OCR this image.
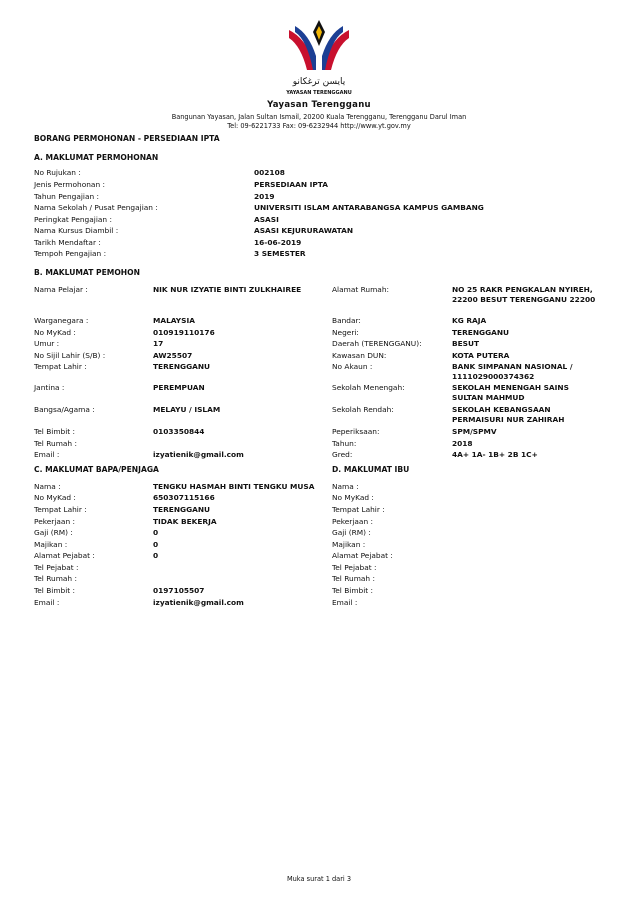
يايسن ترغكانو
YAYASAN TERENGGANU
Yayasan Terengganu
Bangunan Yayasan, Jalan Sultan Ismail, 20200 Kuala Terengganu, Terengganu Darul Iman
Tel: 09-6221733 Fax: 09-6232944 http://www.yt.gov.my
BORANG PERMOHONAN - PERSEDIAAN IPTA
A. MAKLUMAT PERMOHONAN
No Rujukan :	002108
Jenis Permohonan :	PERSEDIAAN IPTA
Tahun Pengajian :	2019
Nama Sekolah / Pusat Pengajian :	UNIVERSITI ISLAM ANTARABANGSA KAMPUS GAMBANG
Peringkat Pengajian :	ASASI
Nama Kursus Diambil :	ASASI KEJURURAWATAN
Tarikh Mendaftar :	16-06-2019
Tempoh Pengajian :	3 SEMESTER
B. MAKLUMAT PEMOHON
Nama Pelajar :	NIK NUR IZYATIE BINTI ZULKHAIREE	Alamat Rumah:	NO 25 RAKR PENGKALAN NYIREH, 22200 BESUT TERENGGANU 22200
Warganegara :	MALAYSIA	Bandar:	KG RAJA
No MyKad :	010919110176	Negeri:	TERENGGANU
Umur :	17	Daerah (TERENGGANU):	BESUT
No Sijil Lahir (S/B) :	AW25507	Kawasan DUN:	KOTA PUTERA
Tempat Lahir :	TERENGGANU	No Akaun :	BANK SIMPANAN NASIONAL / 1111029000374362
Jantina :	PEREMPUAN	Sekolah Menengah:	SEKOLAH MENENGAH SAINS SULTAN MAHMUD
Bangsa/Agama :	MELAYU / ISLAM	Sekolah Rendah:	SEKOLAH KEBANGSAAN PERMAISURI NUR ZAHIRAH
Tel Bimbit :	0103350844	Peperiksaan:	SPM/SPMV
Tel Rumah :	Tahun:	2018
Email :	izyatienik@gmail.com	Gred:	4A+ 1A- 1B+ 2B 1C+
C. MAKLUMAT BAPA/PENJAGA
Nama :	TENGKU HASMAH BINTI TENGKU MUSA
No MyKad :	650307115166
Tempat Lahir :	TERENGGANU
Pekerjaan :	TIDAK BEKERJA
Gaji (RM) :	0
Majikan :	0
Alamat Pejabat :	0
Tel Pejabat :
Tel Rumah :
Tel Bimbit :	0197105507
Email :	izyatienik@gmail.com
D. MAKLUMAT IBU
Nama :
No MyKad :
Tempat Lahir :
Pekerjaan :
Gaji (RM) :
Majikan :
Alamat Pejabat :
Tel Pejabat :
Tel Rumah :
Tel Bimbit :
Email :
Muka surat 1 dari 3
